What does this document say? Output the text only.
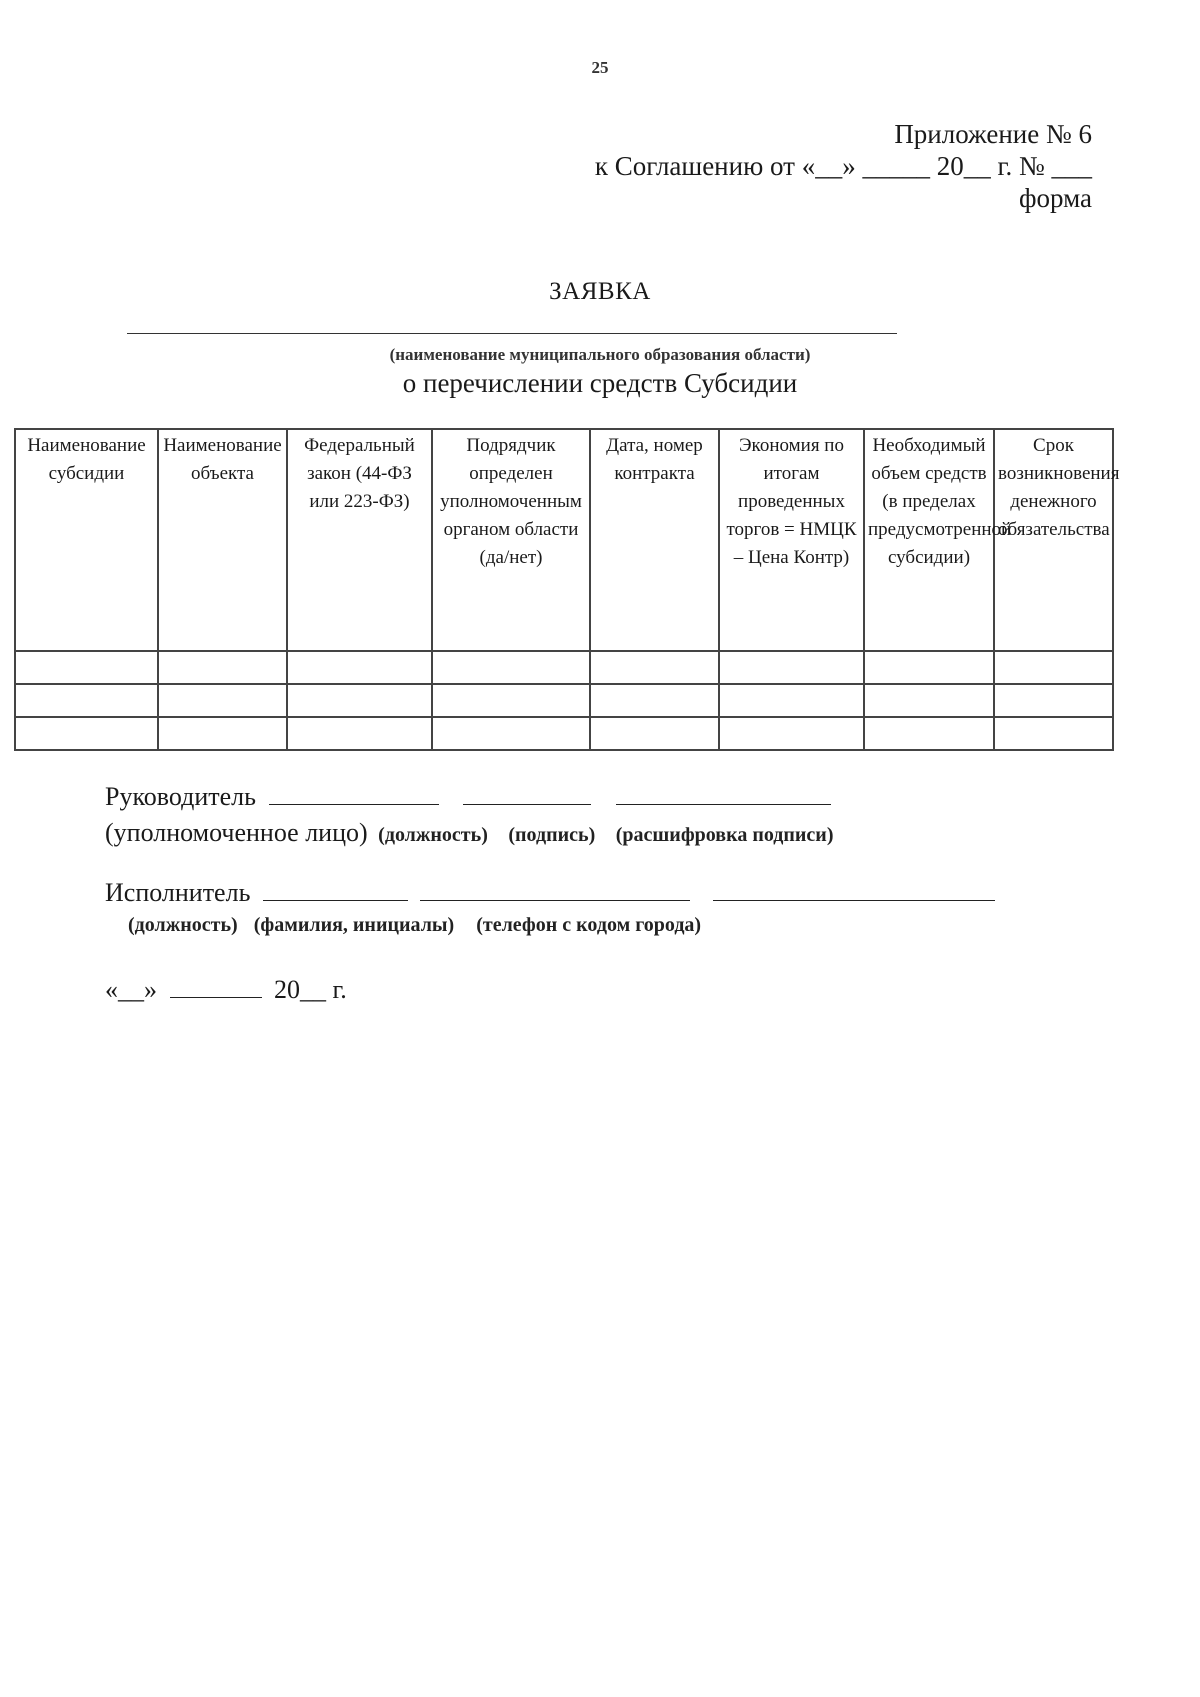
25
Приложение № 6
к Соглашению от «__» _____ 20__ г. № ___
форма
ЗАЯВКА
(наименование муниципального образования области)
о перечислении средств Субсидии
Наименование субсидии	Наименование объекта	Федеральный закон (44-ФЗ или 223-ФЗ)	Подрядчик определен уполномоченным органом области (да/нет)	Дата, номер контракта	Экономия по итогам проведенных торгов = НМЦК – Цена Контр)	Необходимый объем средств (в пределах предусмотренной субсидии)	Срок возникновения денежного обязательства

Руководитель
(уполномоченное лицо) (должность) (подпись) (расшифровка подписи)
Исполнитель
(должность) (фамилия, инициалы) (телефон с кодом города)
«__»	20__ г.
